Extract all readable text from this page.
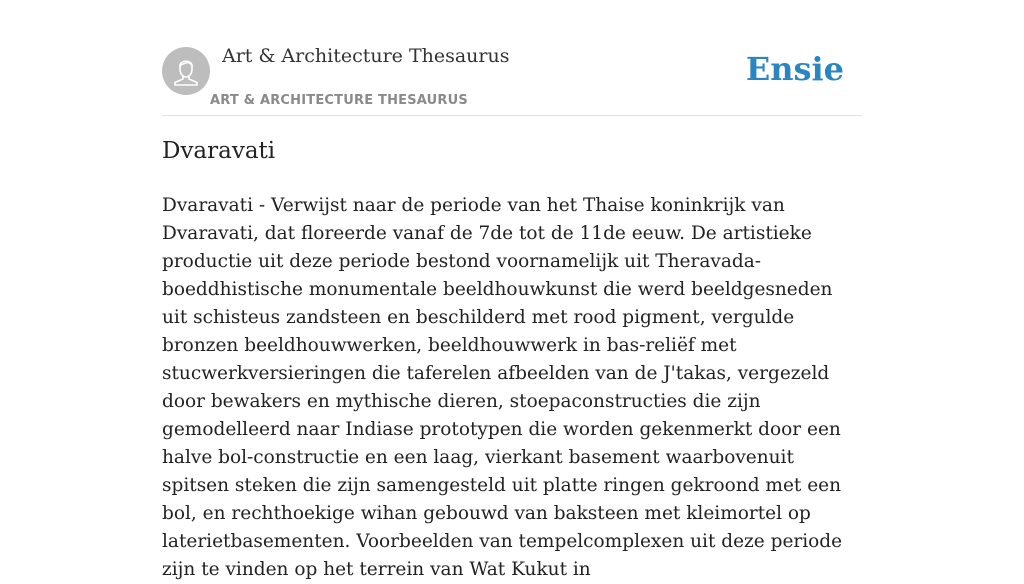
Art & Architecture Thesaurus
ART & ARCHITECTURE THESAURUS
Ensie
Dvaravati

Dvaravati - Verwijst naar de periode van het Thaise koninkrijk van Dvaravati, dat floreerde vanaf de 7de tot de 11de eeuw. De artistieke productie uit deze periode bestond voornamelijk uit Theravada-boeddhistische monumentale beeldhouwkunst die werd beeldgesneden uit schisteus zandsteen en beschilderd met rood pigment, vergulde bronzen beeldhouwwerken, beeldhouwwerk in bas-reliëf met stucwerkversieringen die taferelen afbeelden van de J'takas, vergezeld door bewakers en mythische dieren, stoepaconstructies die zijn gemodelleerd naar Indiase prototypen die worden gekenmerkt door een halve bol-constructie en een laag, vierkant basement waarbovenuit spitsen steken die zijn samengesteld uit platte ringen gekroond met een bol, en rechthoekige wihan gebouwd van baksteen met kleimortel op laterietbasementen. Voorbeelden van tempelcomplexen uit deze periode zijn te vinden op het terrein van Wat Kukut in
